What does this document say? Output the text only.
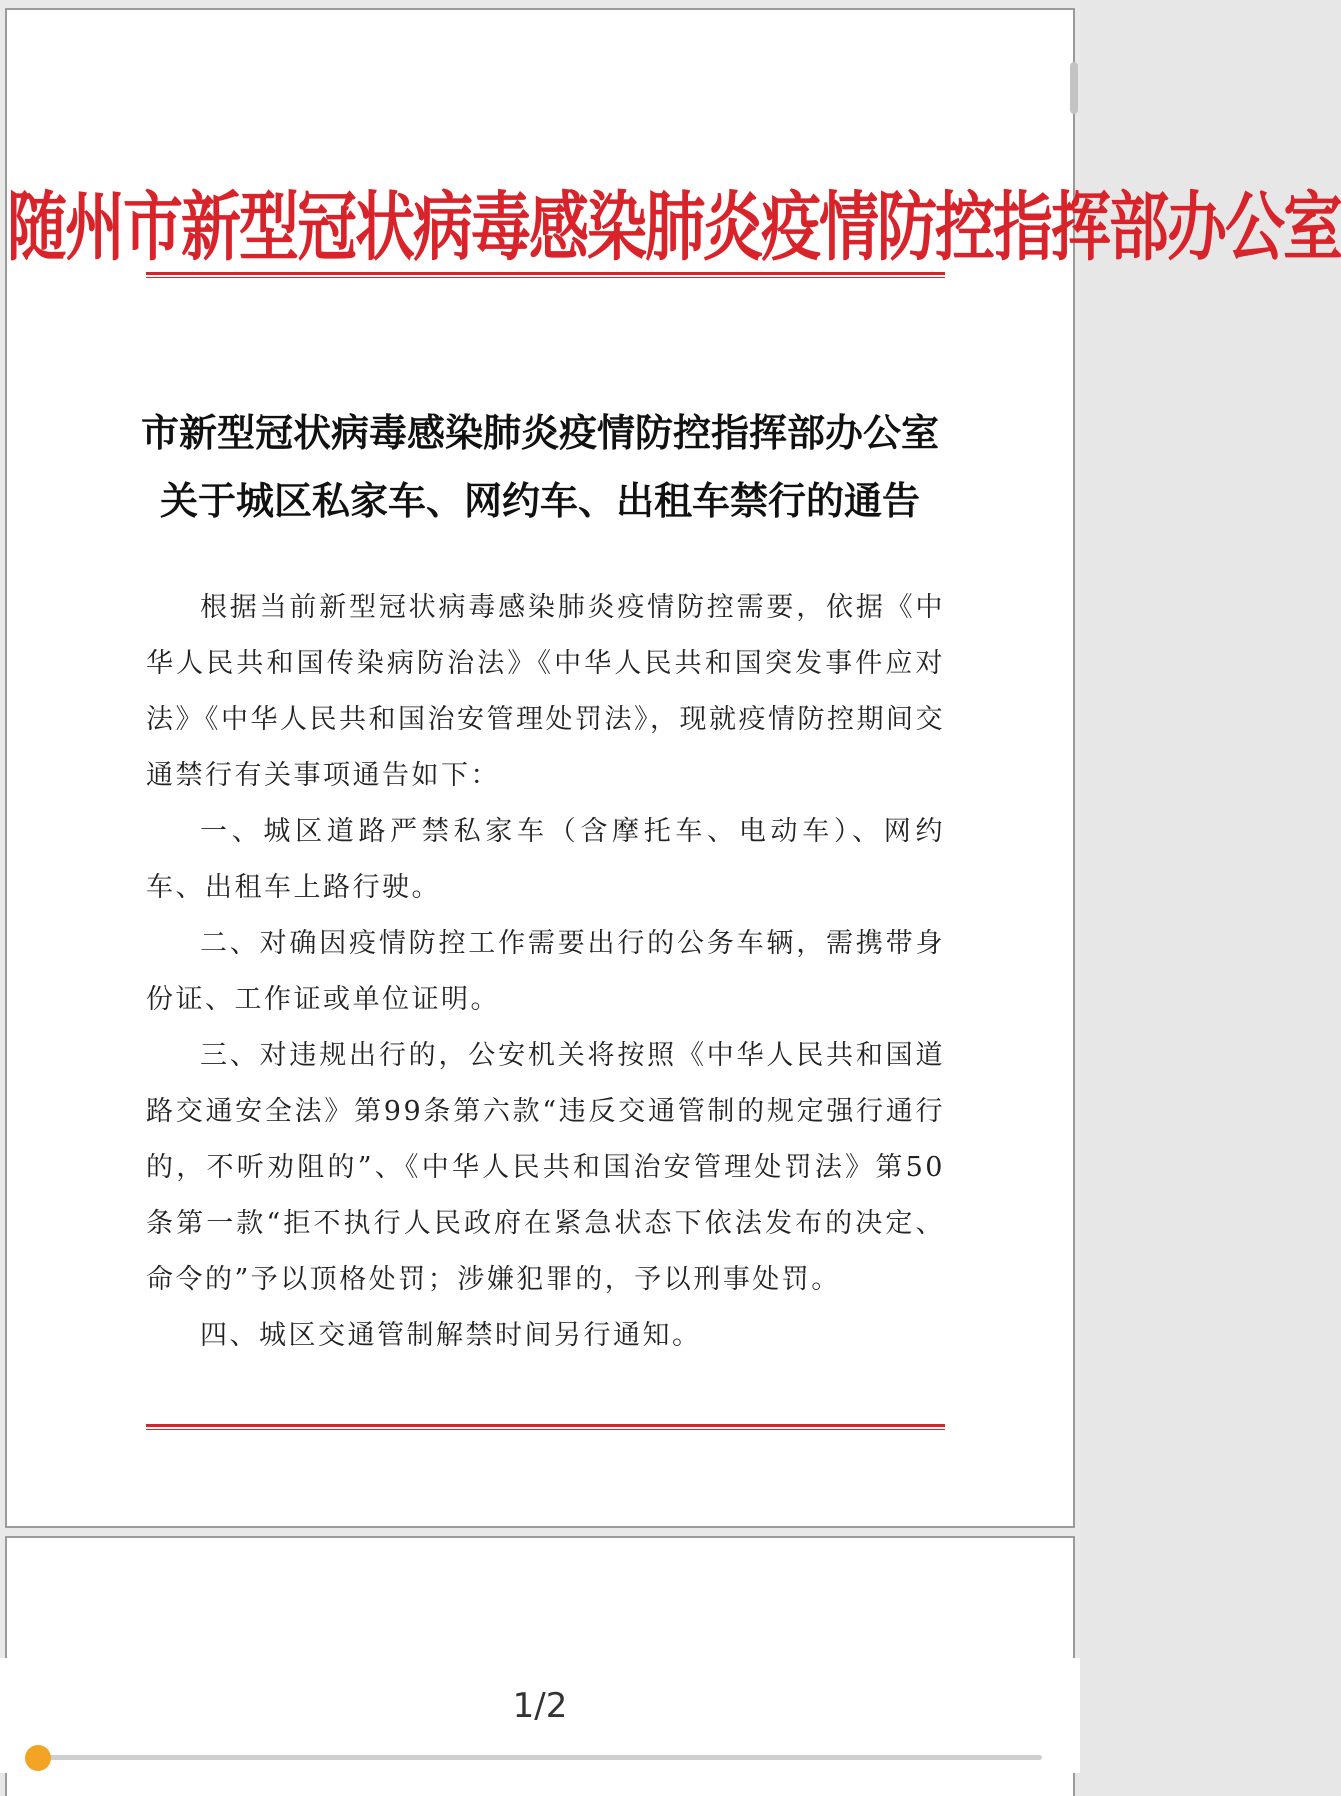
随州市新型冠状病毒感染肺炎疫情防控指挥部办公室
市新型冠状病毒感染肺炎疫情防控指挥部办公室
关于城区私家车、网约车、出租车禁行的通告

根据当前新型冠状病毒感染肺炎疫情防控需要，依据《中华人民共和国传染病防治法》《中华人民共和国突发事件应对法》《中华人民共和国治安管理处罚法》，现就疫情防控期间交通禁行有关事项通告如下：

一、城区道路严禁私家车（含摩托车、电动车）、网约车、出租车上路行驶。

二、对确因疫情防控工作需要出行的公务车辆，需携带身份证、工作证或单位证明。

三、对违规出行的，公安机关将按照《中华人民共和国道路交通安全法》第99条第六款“违反交通管制的规定强行通行的，不听劝阻的”、《中华人民共和国治安管理处罚法》第50条第一款“拒不执行人民政府在紧急状态下依法发布的决定、命令的”予以顶格处罚；涉嫌犯罪的，予以刑事处罚。

四、城区交通管制解禁时间另行通知。

1/2
